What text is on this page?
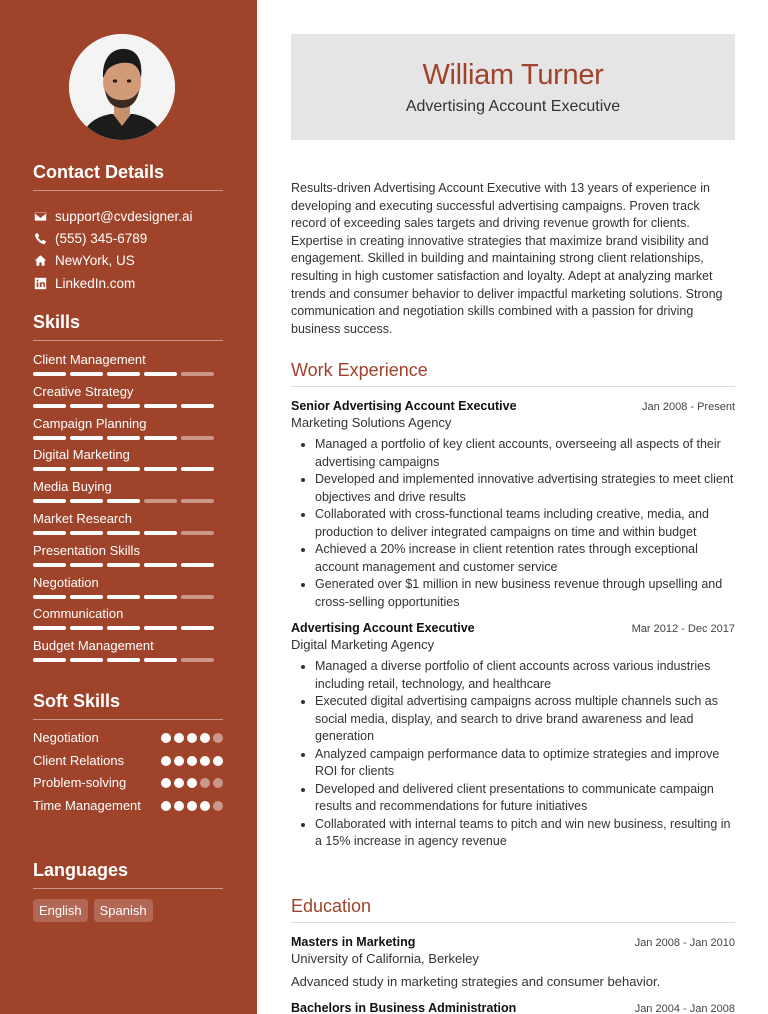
Contact Details
support@cvdesigner.ai
(555) 345-6789
NewYork, US
LinkedIn.com
Skills
Client Management
Creative Strategy
Campaign Planning
Digital Marketing
Media Buying
Market Research
Presentation Skills
Negotiation
Communication
Budget Management
Soft Skills
Negotiation
Client Relations
Problem-solving
Time Management
Languages
English	Spanish
William Turner
Advertising Account Executive

Results-driven Advertising Account Executive with 13 years of experience in developing and executing successful advertising campaigns. Proven track record of exceeding sales targets and driving revenue growth for clients. Expertise in creating innovative strategies that maximize brand visibility and engagement. Skilled in building and maintaining strong client relationships, resulting in high customer satisfaction and loyalty. Adept at analyzing market trends and consumer behavior to deliver impactful marketing solutions. Strong communication and negotiation skills combined with a passion for driving business success.

Work Experience
Senior Advertising Account Executive	Jan 2008 - Present
Marketing Solutions Agency
• Managed a portfolio of key client accounts, overseeing all aspects of their advertising campaigns
• Developed and implemented innovative advertising strategies to meet client objectives and drive results
• Collaborated with cross-functional teams including creative, media, and production to deliver integrated campaigns on time and within budget
• Achieved a 20% increase in client retention rates through exceptional account management and customer service
• Generated over $1 million in new business revenue through upselling and cross-selling opportunities
Advertising Account Executive	Mar 2012 - Dec 2017
Digital Marketing Agency
• Managed a diverse portfolio of client accounts across various industries including retail, technology, and healthcare
• Executed digital advertising campaigns across multiple channels such as social media, display, and search to drive brand awareness and lead generation
• Analyzed campaign performance data to optimize strategies and improve ROI for clients
• Developed and delivered client presentations to communicate campaign results and recommendations for future initiatives
• Collaborated with internal teams to pitch and win new business, resulting in a 15% increase in agency revenue
Education
Masters in Marketing	Jan 2008 - Jan 2010
University of California, Berkeley
Advanced study in marketing strategies and consumer behavior.
Bachelors in Business Administration	Jan 2004 - Jan 2008
